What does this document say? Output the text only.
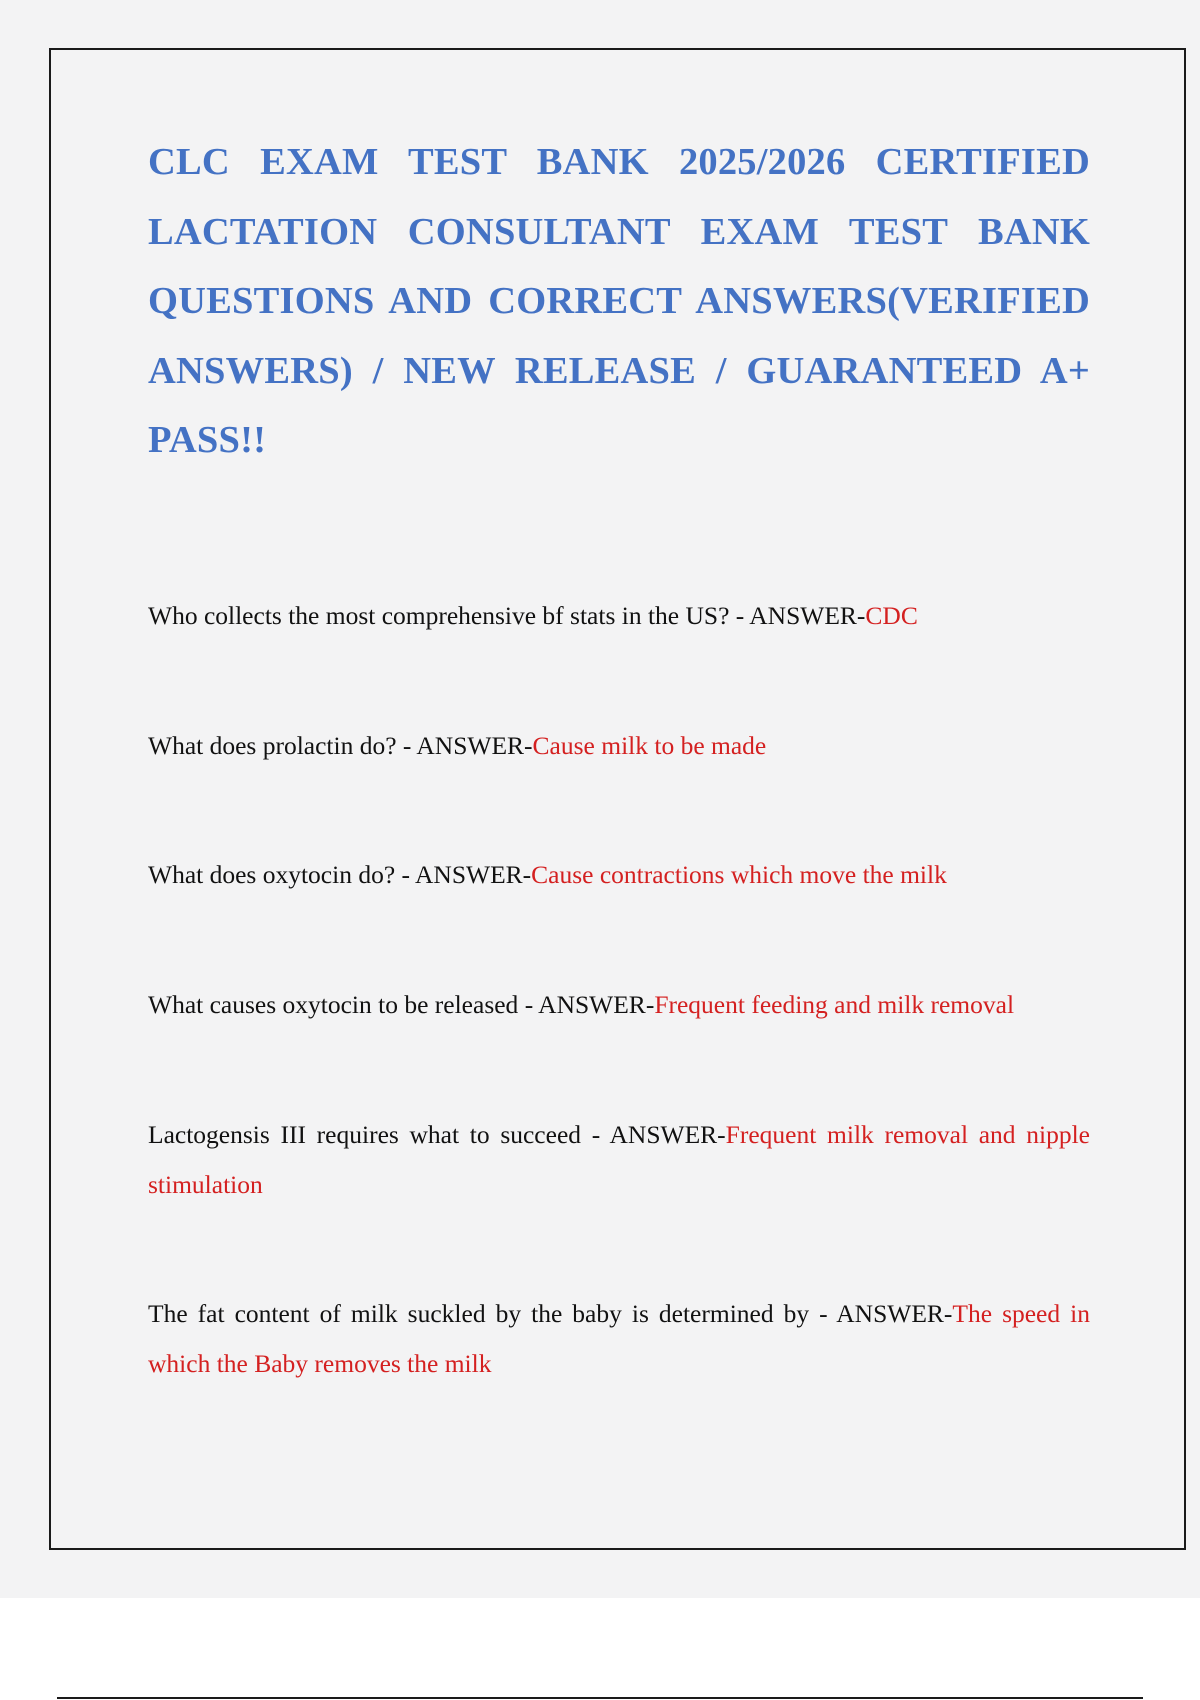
CLC EXAM TEST BANK 2025/2026 CERTIFIED LACTATION CONSULTANT EXAM TEST BANK QUESTIONS AND CORRECT ANSWERS(VERIFIED ANSWERS) / NEW RELEASE / GUARANTEED A+ PASS!!

Who collects the most comprehensive bf stats in the US? - ANSWER-CDC

What does prolactin do? - ANSWER-Cause milk to be made

What does oxytocin do? - ANSWER-Cause contractions which move the milk

What causes oxytocin to be released - ANSWER-Frequent feeding and milk removal

Lactogensis III requires what to succeed - ANSWER-Frequent milk removal and nipple stimulation

The fat content of milk suckled by the baby is determined by - ANSWER-The speed in which the Baby removes the milk
